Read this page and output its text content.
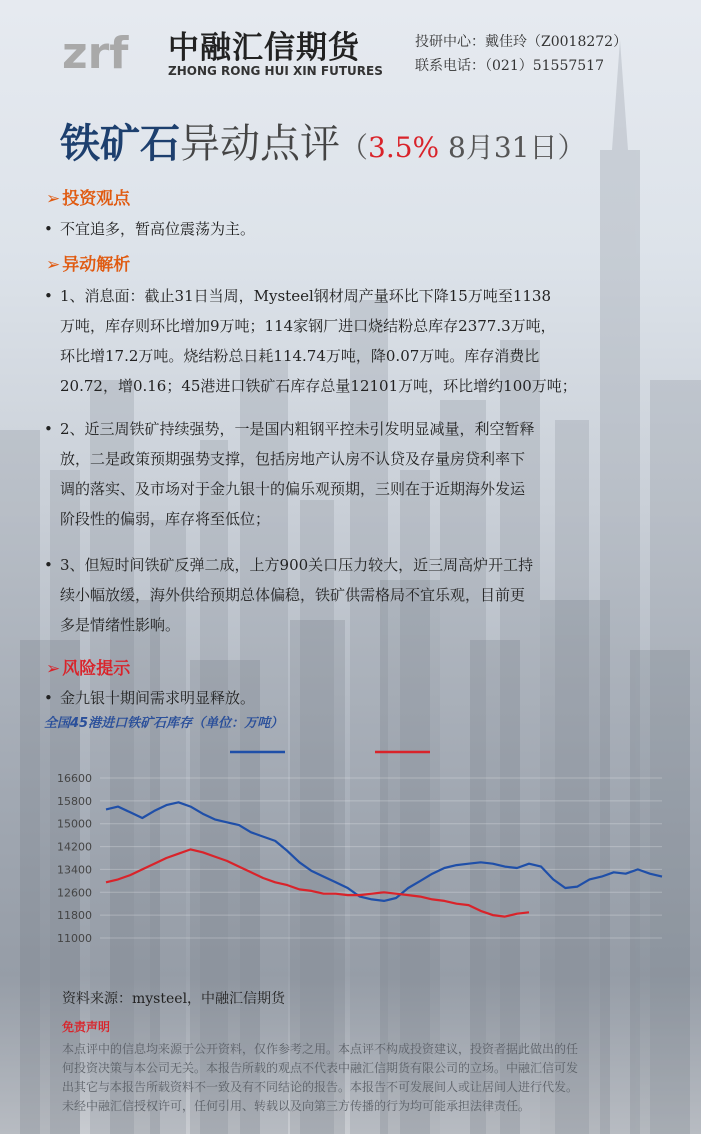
zrf 中融汇信期货
ZHONG RONG HUI XIN FUTURES
投研中心：戴佳玲（Z0018272）
联系电话：（021）51557517
铁矿石异动点评（3.5% 8月31日）
➢ 投资观点
• 不宜追多，暂高位震荡为主。
➢ 异动解析
• 1、消息面：截止31日当周，Mysteel钢材周产量环比下降15万吨至1138
万吨，库存则环比增加9万吨；114家钢厂进口烧结粉总库存2377.3万吨，
环比增17.2万吨。烧结粉总日耗114.74万吨，降0.07万吨。库存消费比
20.72，增0.16；45港进口铁矿石库存总量12101万吨，环比增约100万吨；
• 2、近三周铁矿持续强势，一是国内粗钢平控未引发明显减量，利空暂释
放，二是政策预期强势支撑，包括房地产认房不认贷及存量房贷利率下
调的落实、及市场对于金九银十的偏乐观预期，三则在于近期海外发运
阶段性的偏弱，库存将至低位；
• 3、但短时间铁矿反弹二成，上方900关口压力较大，近三周高炉开工持
续小幅放缓，海外供给预期总体偏稳，铁矿供需格局不宜乐观，目前更
多是情绪性影响。
➢ 风险提示
• 金九银十期间需求明显释放。
全国45港进口铁矿石库存（单位：万吨）
16600
15800
15000
14200
13400
12600
11800
11000
资料来源：mysteel，中融汇信期货
免责声明
本点评中的信息均来源于公开资料，仅作参考之用。本点评不构成投资建议，投资者据此做出的任
何投资决策与本公司无关。本报告所载的观点不代表中融汇信期货有限公司的立场。中融汇信可发
出其它与本报告所载资料不一致及有不同结论的报告。本报告不可发展间人或让居间人进行代发。
未经中融汇信授权许可，任何引用、转载以及向第三方传播的行为均可能承担法律责任。
